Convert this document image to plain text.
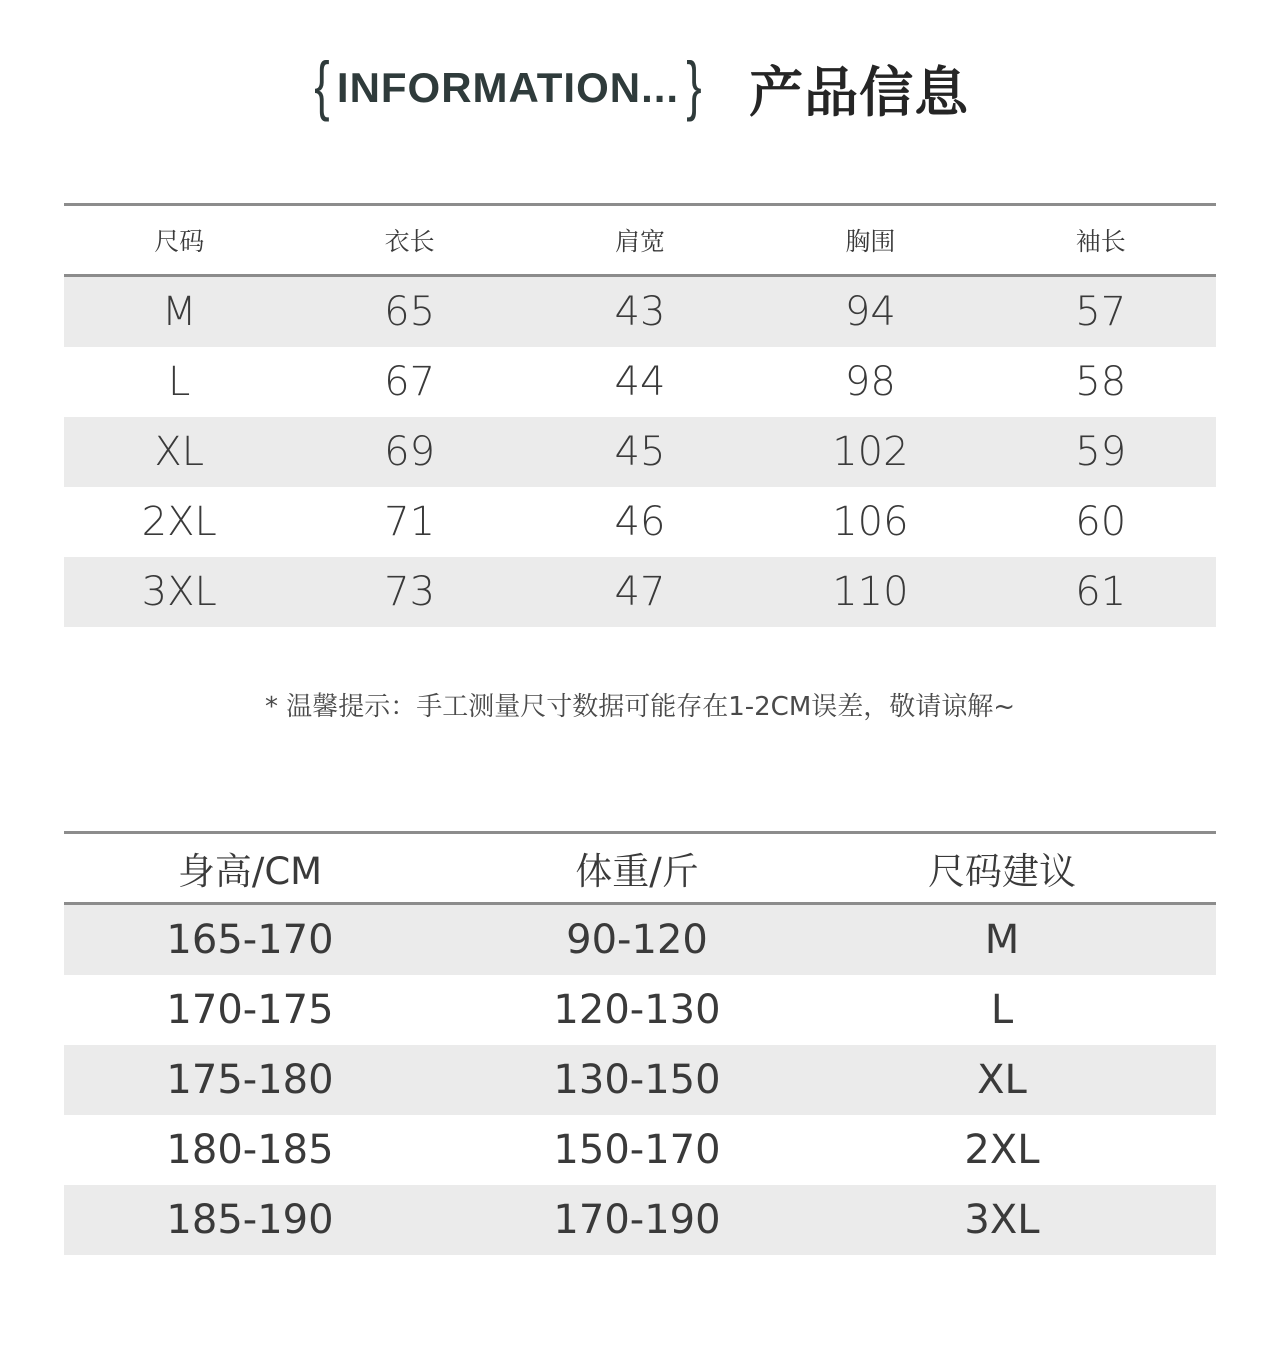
{ INFORMATION... } 产品信息
尺码	衣长	肩宽	胸围	袖长
M	65	43	94	57
L	67	44	98	58
XL	69	45	102	59
2XL	71	46	106	60
3XL	73	47	110	61
* 温馨提示：手工测量尺寸数据可能存在1-2CM误差，敬请谅解~
身高/CM	体重/斤	尺码建议
165-170	90-120	M
170-175	120-130	L
175-180	130-150	XL
180-185	150-170	2XL
185-190	170-190	3XL
